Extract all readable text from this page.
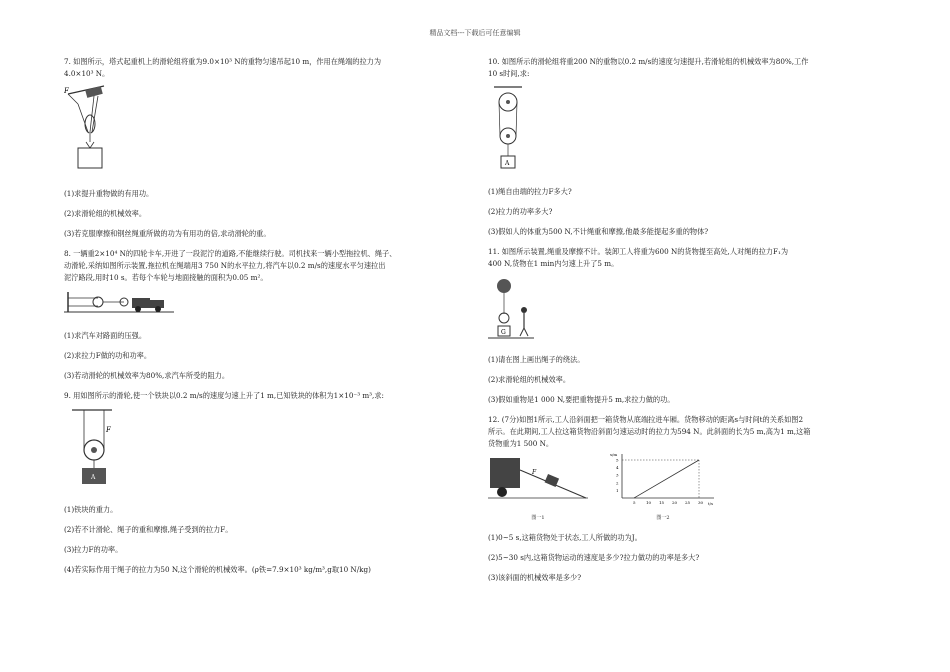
精品文档---下载后可任意编辑

7. 如图所示，塔式起重机上的滑轮组将重为9.0×10³ N的重物匀速吊起10 m，作用在绳端的拉力为

4.0×10³ N。

F

(1)求提升重物做的有用功。

(2)求滑轮组的机械效率。

(3)若克服摩擦和钢丝绳重所做的功为有用功的倍,求动滑轮的重。

8. 一辆重2×10⁴ N的四轮卡车,开进了一段泥泞的道路,不能继续行驶。司机找来一辆小型拖拉机、绳子、

动滑轮,采纳如图所示装置,拖拉机在绳端用3 750 N的水平拉力,将汽车以0.2 m/s的速度水平匀速拉出

泥泞路段,用时10 s。若每个车轮与地面接触的面积为0.05 m²。

(1)求汽车对路面的压强。

(2)求拉力F做的功和功率。

(3)若动滑轮的机械效率为80%,求汽车所受的阻力。

9. 用如图所示的滑轮,使一个铁块以0.2 m/s的速度匀速上升了1 m,已知铁块的体积为1×10⁻³ m³,求:

A
F

(1)铁块的重力。

(2)若不计滑轮、绳子的重和摩擦,绳子受到的拉力F。

(3)拉力F的功率。

(4)若实际作用于绳子的拉力为50 N,这个滑轮的机械效率。(ρ铁=7.9×10³ kg/m³,g取10 N/kg)

10. 如图所示的滑轮组将重200 N的重物以0.2 m/s的速度匀速提升,若滑轮组的机械效率为80%,工作

10 s时间,求:

A

(1)绳自由端的拉力F多大?

(2)拉力的功率多大?

(3)假如人的体重为500 N,不计绳重和摩擦,他最多能提起多重的物体?

11. 如图所示装置,绳重及摩擦不计。装卸工人将重为600 N的货物提至高处,人对绳的拉力F₁为

400 N,货物在1 min内匀速上升了5 m。

G

(1)请在图上画出绳子的绕法。

(2)求滑轮组的机械效率。

(3)假如重物是1 000 N,要把重物提升5 m,求拉力做的功。

12. (7分)如图1所示,工人沿斜面把一箱货物从底端拉进车厢。货物移动的距离s与时间t的关系如图2

所示。在此期间,工人拉这箱货物沿斜面匀速运动时的拉力为594 N。此斜面的长为5 m,高为1 m,这箱

货物重为1 500 N。

F
图一1
s/m
t/s
1
2
3
4
5
5	10 15 20 25 30
图一2

(1)0~5 s,这箱货物处于状态,工人所做的功为J。

(2)5~30 s内,这箱货物运动的速度是多少?拉力做功的功率是多大?

(3)该斜面的机械效率是多少?
